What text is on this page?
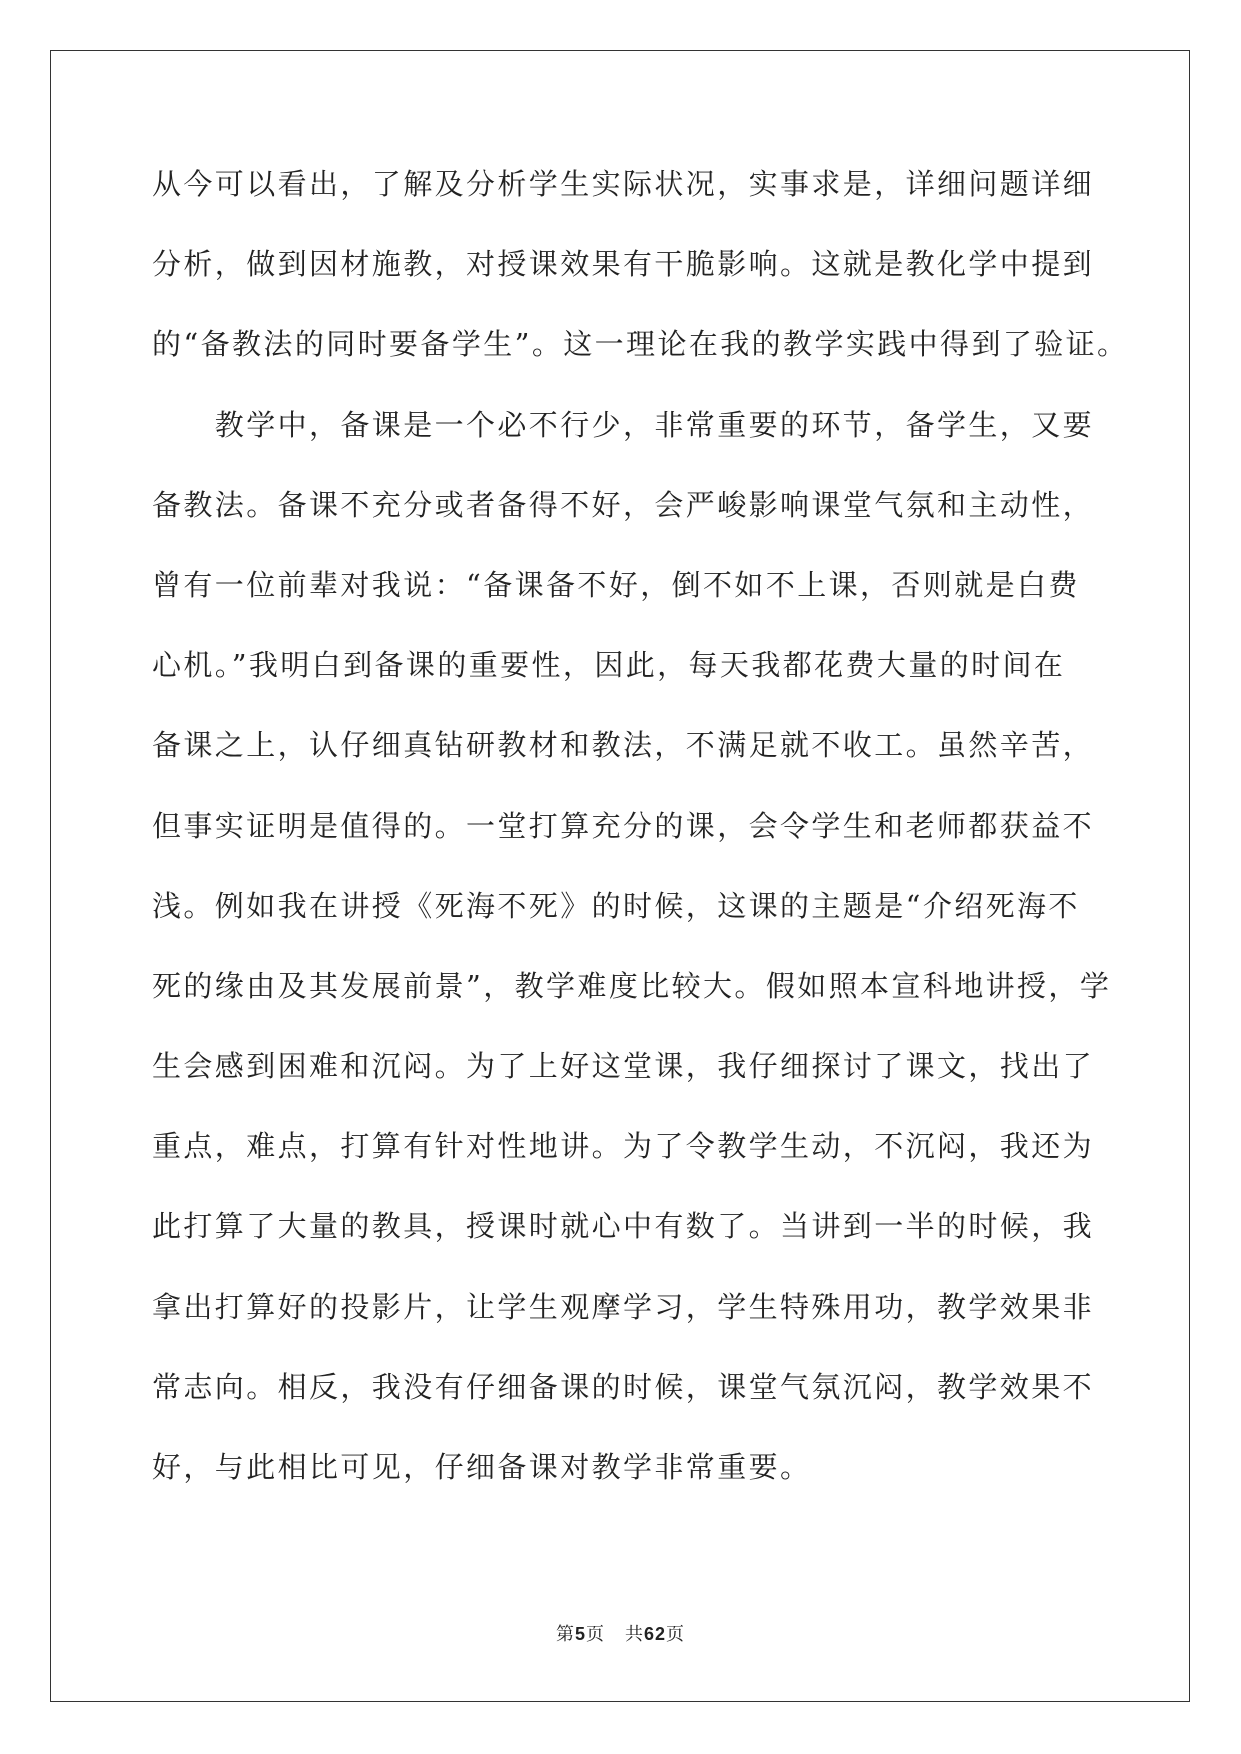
从今可以看出，了解及分析学生实际状况，实事求是，详细问题详细
分析，做到因材施教，对授课效果有干脆影响。这就是教化学中提到
的“备教法的同时要备学生”。这一理论在我的教学实践中得到了验证。
　　教学中，备课是一个必不行少，非常重要的环节，备学生，又要
备教法。备课不充分或者备得不好，会严峻影响课堂气氛和主动性，
曾有一位前辈对我说：“备课备不好，倒不如不上课，否则就是白费
心机。”我明白到备课的重要性，因此，每天我都花费大量的时间在
备课之上，认仔细真钻研教材和教法，不满足就不收工。虽然辛苦，
但事实证明是值得的。一堂打算充分的课，会令学生和老师都获益不
浅。例如我在讲授《死海不死》的时候，这课的主题是“介绍死海不
死的缘由及其发展前景”，教学难度比较大。假如照本宣科地讲授，学
生会感到困难和沉闷。为了上好这堂课，我仔细探讨了课文，找出了
重点，难点，打算有针对性地讲。为了令教学生动，不沉闷，我还为
此打算了大量的教具，授课时就心中有数了。当讲到一半的时候，我
拿出打算好的投影片，让学生观摩学习，学生特殊用功，教学效果非
常志向。相反，我没有仔细备课的时候，课堂气氛沉闷，教学效果不
好，与此相比可见，仔细备课对教学非常重要。
第5页 共62页
